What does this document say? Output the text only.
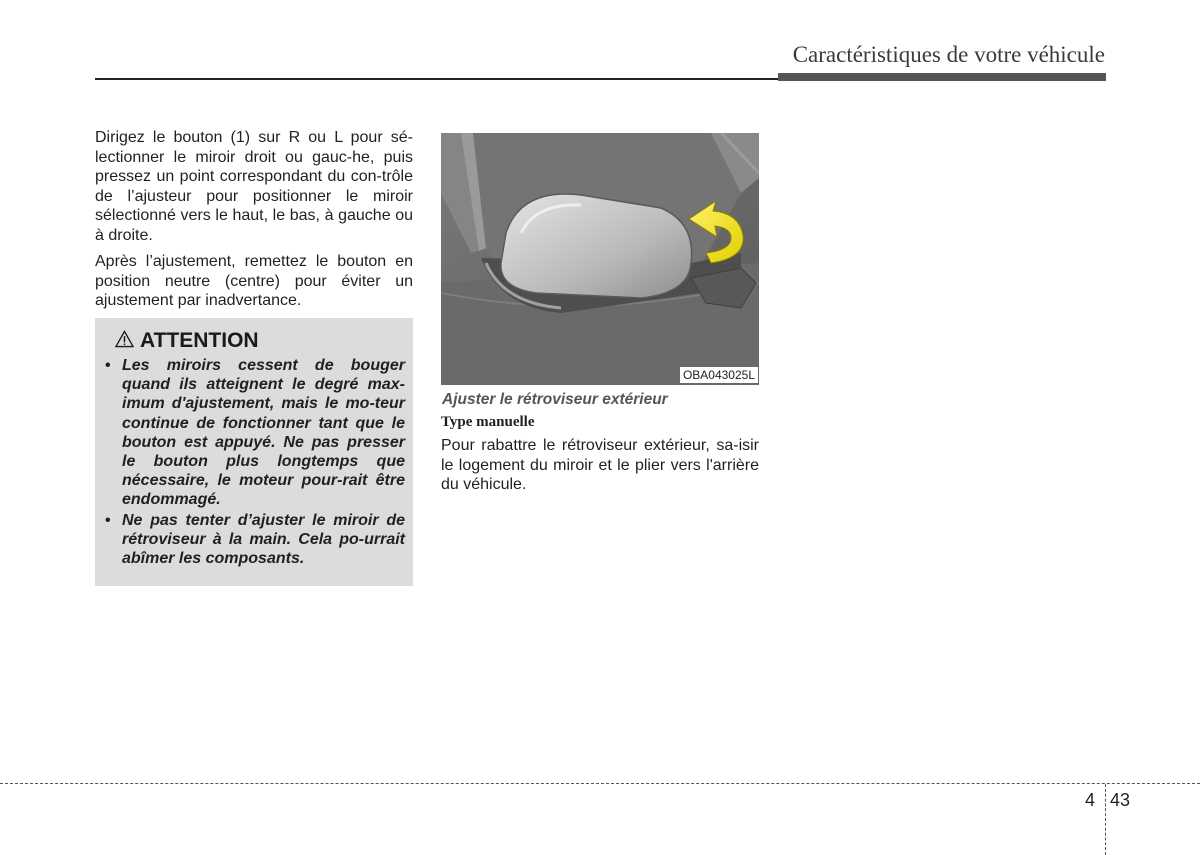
Caractéristiques de votre véhicule

Dirigez le bouton (1) sur R ou L pour sé-lectionner le miroir droit ou gauc-he, puis pressez un point correspondant du con-trôle de l’ajusteur pour positionner le miroir sélectionné vers le haut, le bas, à gauche ou à droite.

Après l’ajustement, remettez le bouton en position neutre (centre) pour éviter un ajustement par inadvertance.

ATTENTION
• Les miroirs cessent de bouger quand ils atteignent le degré max-imum d'ajustement, mais le mo-teur continue de fonctionner tant que le bouton est appuyé. Ne pas presser le bouton plus longtemps que nécessaire, le moteur pour-rait être endommagé.
• Ne pas tenter d’ajuster le miroir de rétroviseur à la main. Cela po-urrait abîmer les composants.
OBA043025L
Ajuster le rétroviseur extérieur
Type manuelle

Pour rabattre le rétroviseur extérieur, sa-isir le logement du miroir et le plier vers l'arrière du véhicule.

4 43
